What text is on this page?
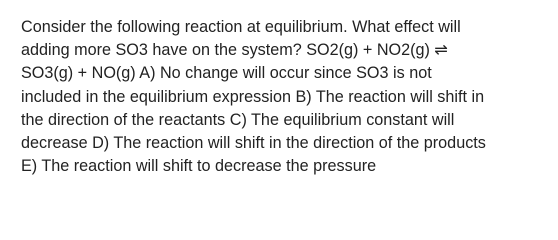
Consider the following reaction at equilibrium. What effect will
adding more SO3 have on the system? SO2(g) + NO2(g) ⇌
SO3(g) + NO(g) A) No change will occur since SO3 is not
included in the equilibrium expression B) The reaction will shift in
the direction of the reactants C) The equilibrium constant will
decrease D) The reaction will shift in the direction of the products
E) The reaction will shift to decrease the pressure
